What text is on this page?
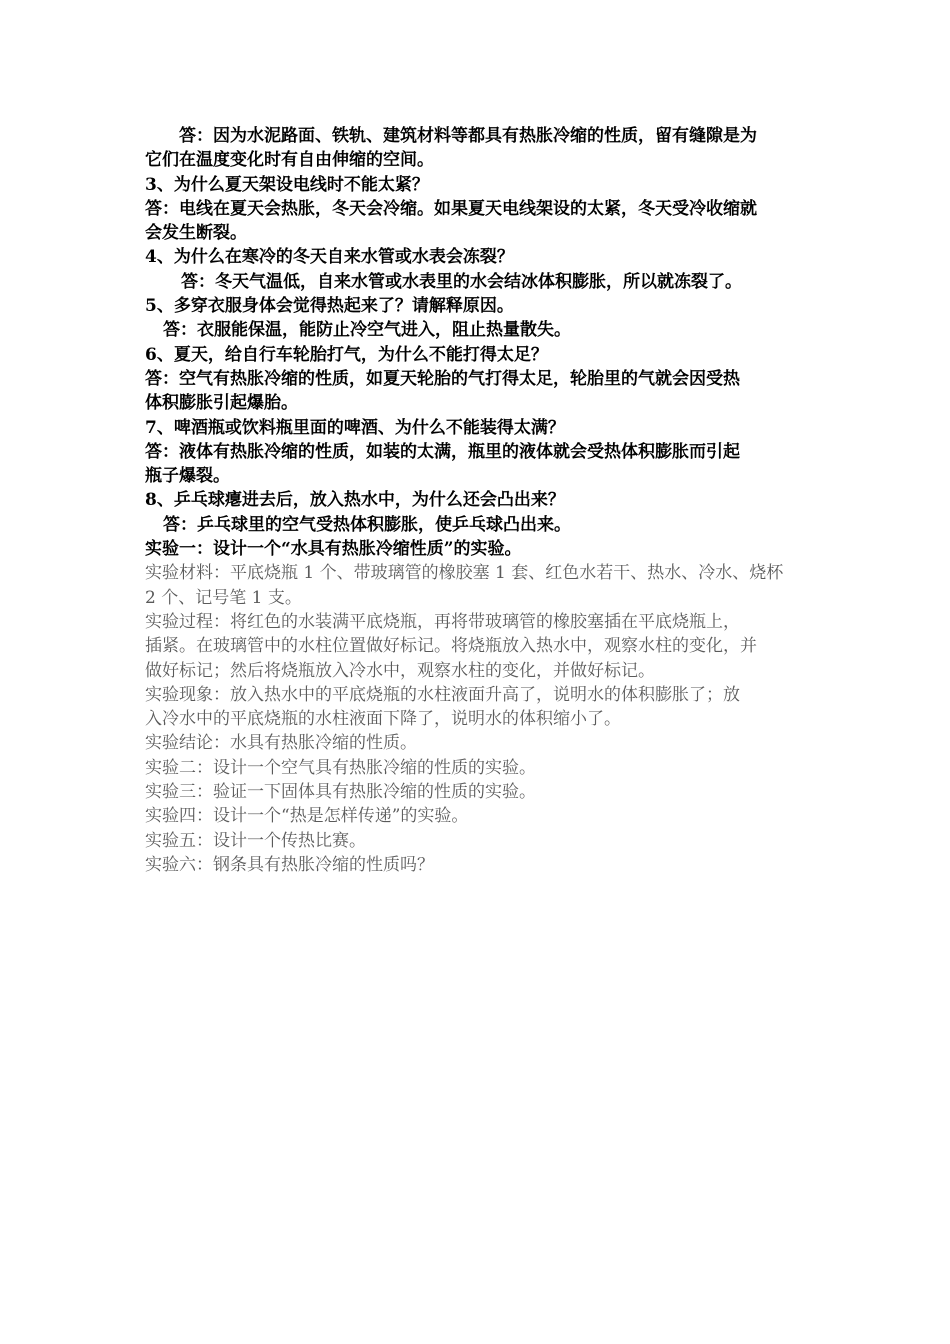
答：因为水泥路面、铁轨、建筑材料等都具有热胀冷缩的性质，留有缝隙是为

它们在温度变化时有自由伸缩的空间。

3、为什么夏天架设电线时不能太紧？

答：电线在夏天会热胀，冬天会冷缩。如果夏天电线架设的太紧，冬天受冷收缩就

会发生断裂。

4、为什么在寒冷的冬天自来水管或水表会冻裂？

答：冬天气温低，自来水管或水表里的水会结冰体积膨胀，所以就冻裂了。

5、多穿衣服身体会觉得热起来了？请解释原因。

答：衣服能保温，能防止冷空气进入，阻止热量散失。

6、夏天，给自行车轮胎打气，为什么不能打得太足？

答：空气有热胀冷缩的性质，如夏天轮胎的气打得太足，轮胎里的气就会因受热

体积膨胀引起爆胎。

7、啤酒瓶或饮料瓶里面的啤酒、为什么不能装得太满？

答：液体有热胀冷缩的性质，如装的太满，瓶里的液体就会受热体积膨胀而引起

瓶子爆裂。

8、乒乓球瘪进去后，放入热水中，为什么还会凸出来？

答：乒乓球里的空气受热体积膨胀，使乒乓球凸出来。

实验一：设计一个“水具有热胀冷缩性质”的实验。

实验材料：平底烧瓶 1 个、带玻璃管的橡胶塞 1 套、红色水若干、热水、冷水、烧杯

2 个、记号笔 1 支。

实验过程：将红色的水装满平底烧瓶，再将带玻璃管的橡胶塞插在平底烧瓶上，

插紧。在玻璃管中的水柱位置做好标记。将烧瓶放入热水中，观察水柱的变化，并

做好标记；然后将烧瓶放入冷水中，观察水柱的变化，并做好标记。

实验现象：放入热水中的平底烧瓶的水柱液面升高了，说明水的体积膨胀了；放

入冷水中的平底烧瓶的水柱液面下降了，说明水的体积缩小了。

实验结论：水具有热胀冷缩的性质。

实验二：设计一个空气具有热胀冷缩的性质的实验。

实验三：验证一下固体具有热胀冷缩的性质的实验。

实验四：设计一个“热是怎样传递”的实验。

实验五：设计一个传热比赛。

实验六：钢条具有热胀冷缩的性质吗？
